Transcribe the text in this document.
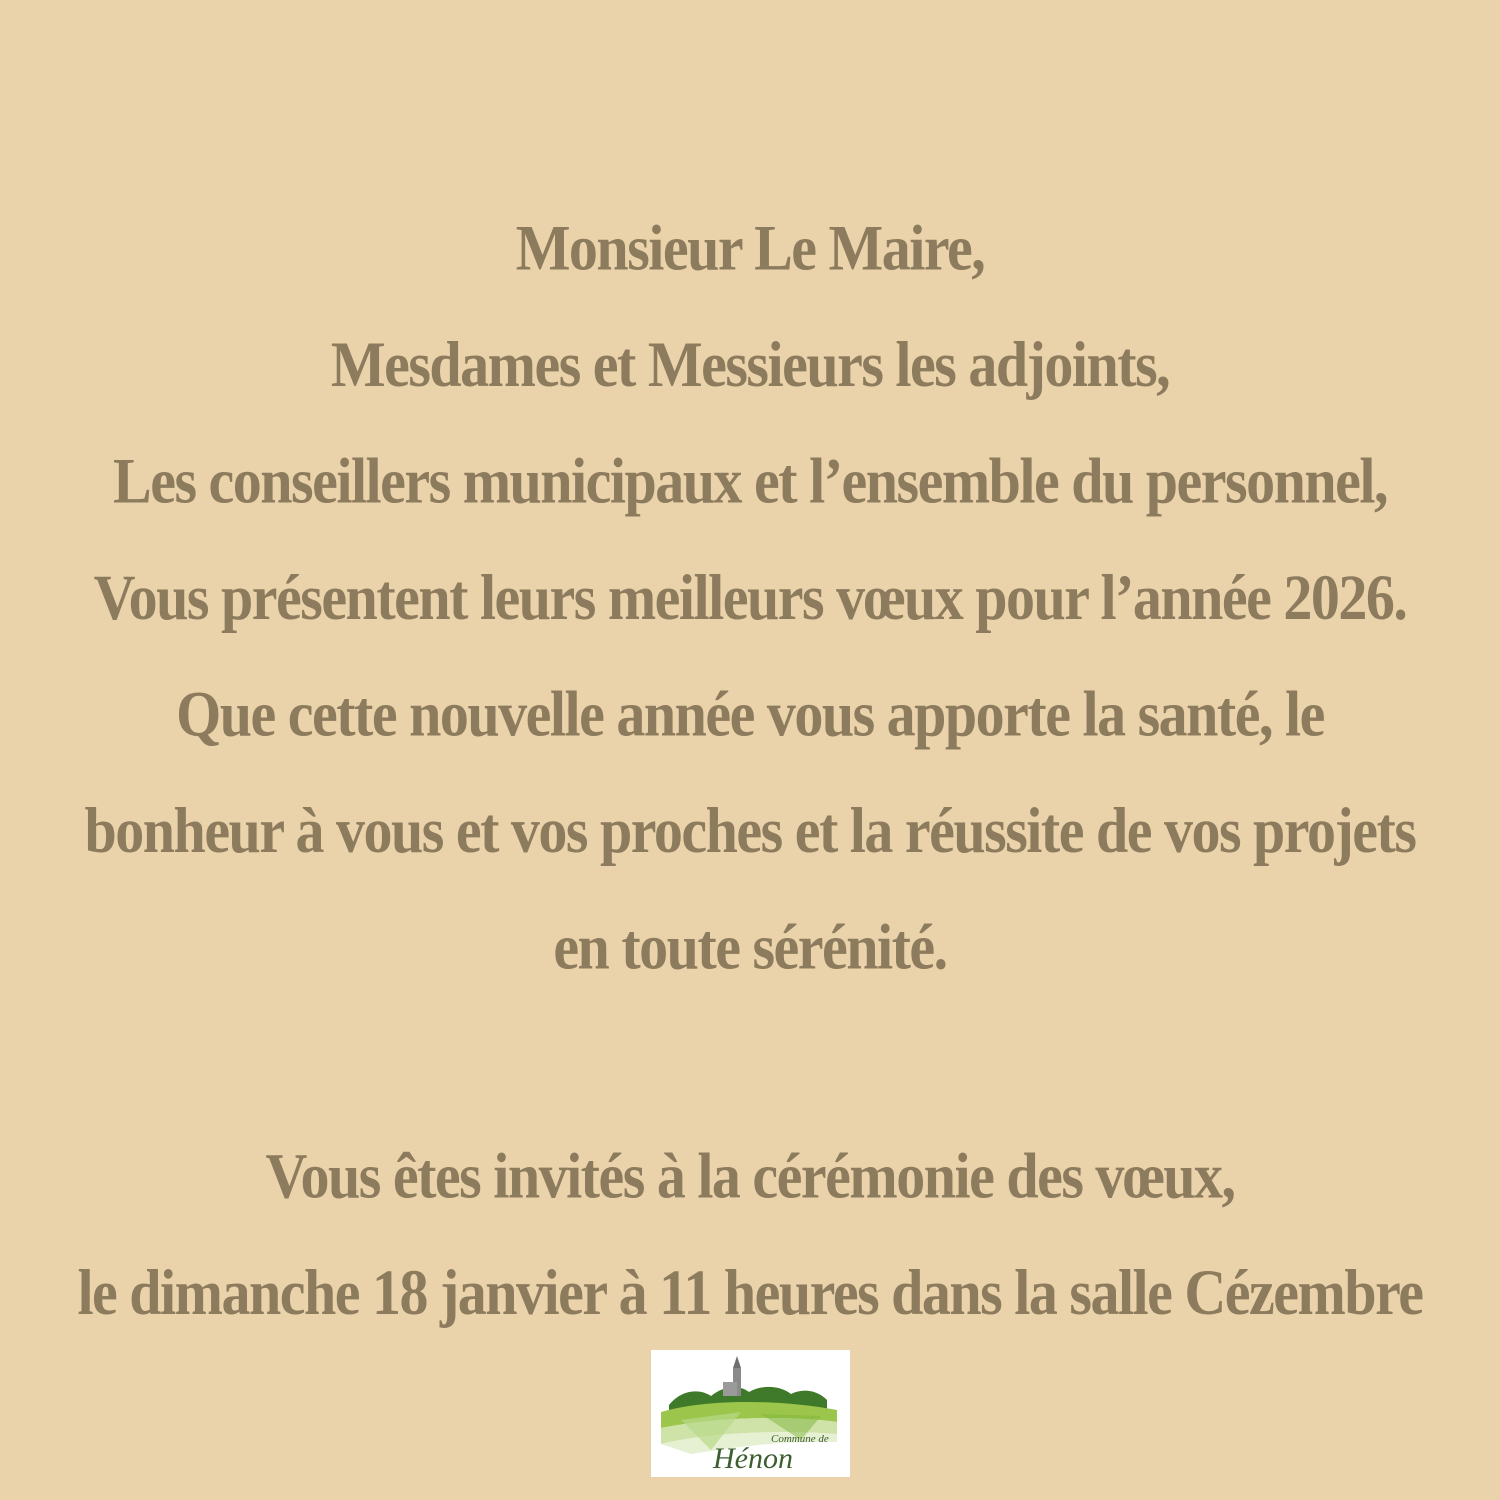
Monsieur Le Maire,
Mesdames et Messieurs les adjoints,
Les conseillers municipaux et l’ensemble du personnel,
Vous présentent leurs meilleurs vœux pour l’année 2026.
Que cette nouvelle année vous apporte la santé, le
bonheur à vous et vos proches et la réussite de vos projets
en toute sérénité.
Vous êtes invités à la cérémonie des vœux,
le dimanche 18 janvier à 11 heures dans la salle Cézembre
Commune de
Hénon
